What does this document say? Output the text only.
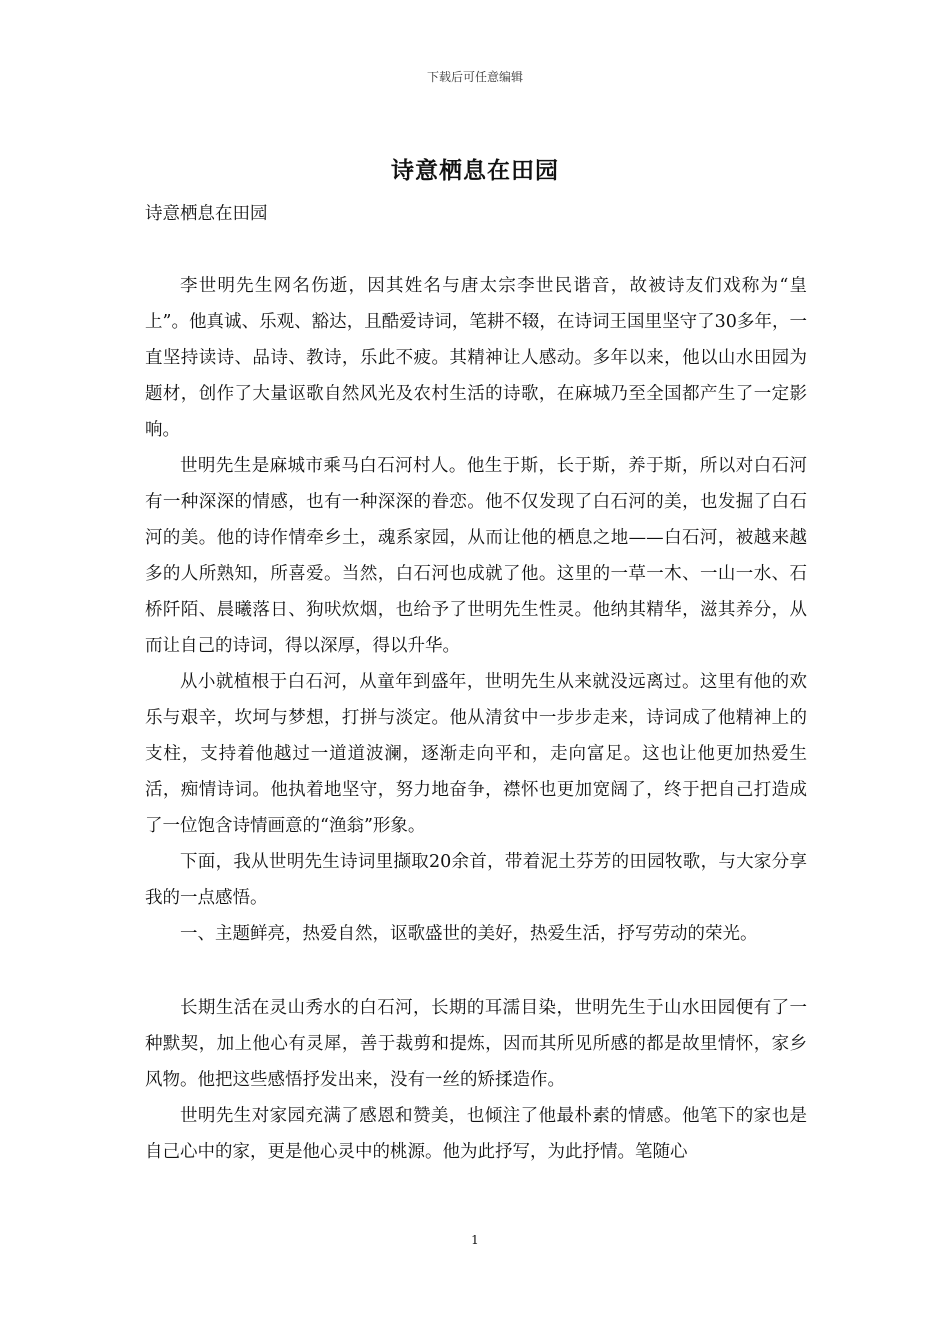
下载后可任意编辑
诗意栖息在田园
诗意栖息在田园

李世明先生网名伤逝，因其姓名与唐太宗李世民谐音，故被诗友们戏称为“皇上”。他真诚、乐观、豁达，且酷爱诗词，笔耕不辍，在诗词王国里坚守了30多年，一直坚持读诗、品诗、教诗，乐此不疲。其精神让人感动。多年以来，他以山水田园为题材，创作了大量讴歌自然风光及农村生活的诗歌，在麻城乃至全国都产生了一定影响。

世明先生是麻城市乘马白石河村人。他生于斯，长于斯，养于斯，所以对白石河有一种深深的情感，也有一种深深的眷恋。他不仅发现了白石河的美，也发掘了白石河的美。他的诗作情牵乡土，魂系家园，从而让他的栖息之地——白石河，被越来越多的人所熟知，所喜爱。当然，白石河也成就了他。这里的一草一木、一山一水、石桥阡陌、晨曦落日、狗吠炊烟，也给予了世明先生性灵。他纳其精华，滋其养分，从而让自己的诗词，得以深厚，得以升华。

从小就植根于白石河，从童年到盛年，世明先生从来就没远离过。这里有他的欢乐与艰辛，坎坷与梦想，打拼与淡定。他从清贫中一步步走来，诗词成了他精神上的支柱，支持着他越过一道道波澜，逐渐走向平和，走向富足。这也让他更加热爱生活，痴情诗词。他执着地坚守，努力地奋争，襟怀也更加宽阔了，终于把自己打造成了一位饱含诗情画意的“渔翁”形象。

下面，我从世明先生诗词里撷取20余首，带着泥土芬芳的田园牧歌，与大家分享我的一点感悟。

一、主题鲜亮，热爱自然，讴歌盛世的美好，热爱生活，抒写劳动的荣光。

长期生活在灵山秀水的白石河，长期的耳濡目染，世明先生于山水田园便有了一种默契，加上他心有灵犀，善于裁剪和提炼，因而其所见所感的都是故里情怀，家乡风物。他把这些感悟抒发出来，没有一丝的矫揉造作。

世明先生对家园充满了感恩和赞美，也倾注了他最朴素的情感。他笔下的家也是自己心中的家，更是他心灵中的桃源。他为此抒写，为此抒情。笔随心

1
